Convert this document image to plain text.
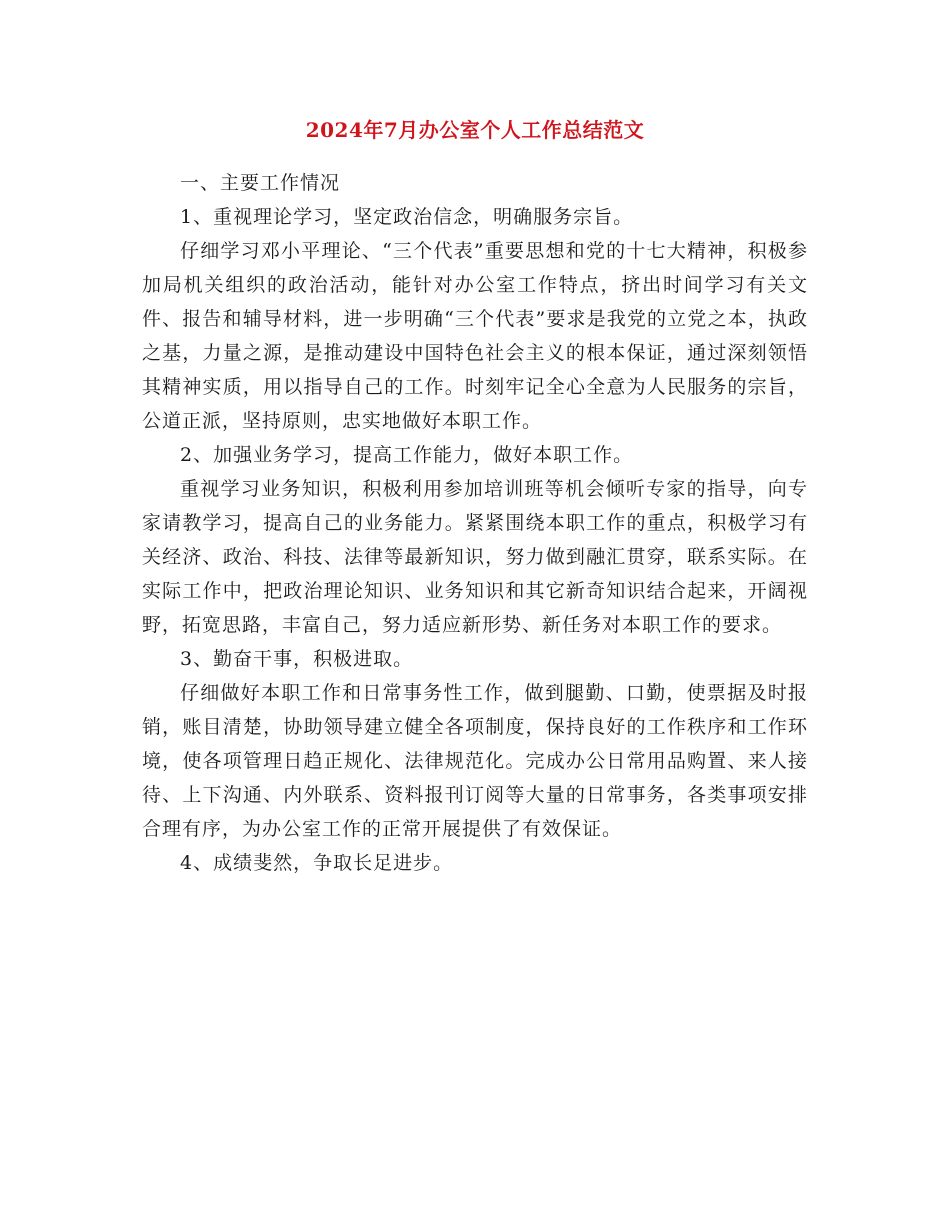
2024年7月办公室个人工作总结范文

一、主要工作情况

1、重视理论学习，坚定政治信念，明确服务宗旨。

仔细学习邓小平理论、“三个代表”重要思想和党的十七大精神，积极参加局机关组织的政治活动，能针对办公室工作特点，挤出时间学习有关文件、报告和辅导材料，进一步明确“三个代表”要求是我党的立党之本，执政之基，力量之源，是推动建设中国特色社会主义的根本保证，通过深刻领悟其精神实质，用以指导自己的工作。时刻牢记全心全意为人民服务的宗旨，公道正派，坚持原则，忠实地做好本职工作。

2、加强业务学习，提高工作能力，做好本职工作。

重视学习业务知识，积极利用参加培训班等机会倾听专家的指导，向专家请教学习，提高自己的业务能力。紧紧围绕本职工作的重点，积极学习有关经济、政治、科技、法律等最新知识，努力做到融汇贯穿，联系实际。在实际工作中，把政治理论知识、业务知识和其它新奇知识结合起来，开阔视野，拓宽思路，丰富自己，努力适应新形势、新任务对本职工作的要求。

3、勤奋干事，积极进取。

仔细做好本职工作和日常事务性工作，做到腿勤、口勤，使票据及时报销，账目清楚，协助领导建立健全各项制度，保持良好的工作秩序和工作环境，使各项管理日趋正规化、法律规范化。完成办公日常用品购置、来人接待、上下沟通、内外联系、资料报刊订阅等大量的日常事务，各类事项安排合理有序，为办公室工作的正常开展提供了有效保证。

4、成绩斐然，争取长足进步。
